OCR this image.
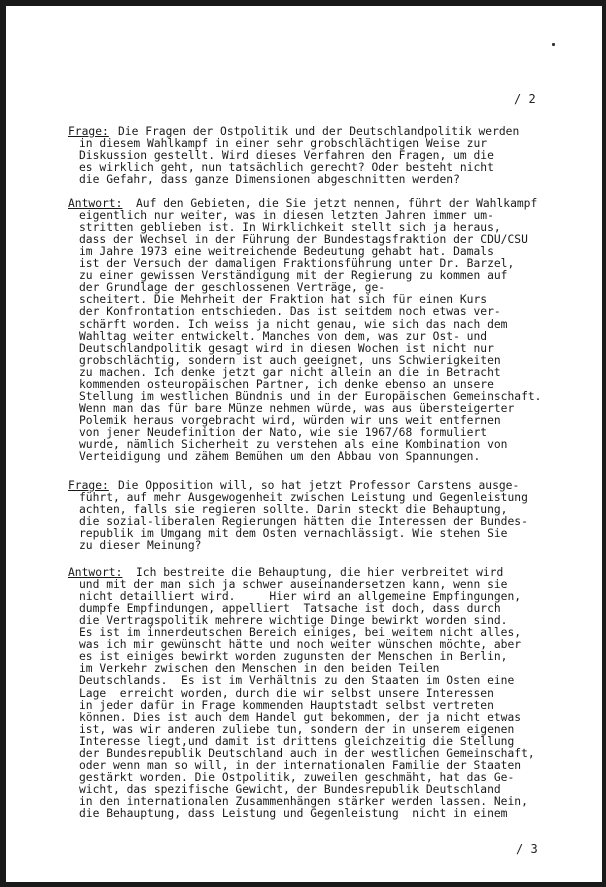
/ 2
/ 3
Frage: Die Fragen der Ostpolitik und der Deutschlandpolitik werden
in diesem Wahlkampf in einer sehr grobschlächtigen Weise zur
Diskussion gestellt. Wird dieses Verfahren den Fragen, um die
es wirklich geht, nun tatsächlich gerecht? Oder besteht nicht
die Gefahr, dass ganze Dimensionen abgeschnitten werden?
Antwort: Auf den Gebieten, die Sie jetzt nennen, führt der Wahlkampf
eigentlich nur weiter, was in diesen letzten Jahren immer um-
stritten geblieben ist. In Wirklichkeit stellt sich ja heraus,
dass der Wechsel in der Führung der Bundestagsfraktion der CDU/CSU
im Jahre 1973 eine weitreichende Bedeutung gehabt hat. Damals
ist der Versuch der damaligen Fraktionsführung unter Dr. Barzel,
zu einer gewissen Verständigung mit der Regierung zu kommen auf
der Grundlage der geschlossenen Verträge, ge-
scheitert. Die Mehrheit der Fraktion hat sich für einen Kurs
der Konfrontation entschieden. Das ist seitdem noch etwas ver-
schärft worden. Ich weiss ja nicht genau, wie sich das nach dem
Wahltag weiter entwickelt. Manches von dem, was zur Ost- und
Deutschlandpolitik gesagt wird in diesen Wochen ist nicht nur
grobschlächtig, sondern ist auch geeignet, uns Schwierigkeiten
zu machen. Ich denke jetzt gar nicht allein an die in Betracht
kommenden osteuropäischen Partner, ich denke ebenso an unsere
Stellung im westlichen Bündnis und in der Europäischen Gemeinschaft.
Wenn man das für bare Münze nehmen würde, was aus übersteigerter
Polemik heraus vorgebracht wird, würden wir uns weit entfernen
von jener Neudefinition der Nato, wie sie 1967/68 formuliert
wurde, nämlich Sicherheit zu verstehen als eine Kombination von
Verteidigung und zähem Bemühen um den Abbau von Spannungen.
Frage: Die Opposition will, so hat jetzt Professor Carstens ausge-
führt, auf mehr Ausgewogenheit zwischen Leistung und Gegenleistung
achten, falls sie regieren sollte. Darin steckt die Behauptung,
die sozial-liberalen Regierungen hätten die Interessen der Bundes-
republik im Umgang mit dem Osten vernachlässigt. Wie stehen Sie
zu dieser Meinung?
Antwort: Ich bestreite die Behauptung, die hier verbreitet wird
und mit der man sich ja schwer auseinandersetzen kann, wenn sie
nicht detailliert wird.     Hier wird an allgemeine Empfingungen,
dumpfe Empfindungen, appelliert  Tatsache ist doch, dass durch
die Vertragspolitik mehrere wichtige Dinge bewirkt worden sind.
Es ist im innerdeutschen Bereich einiges, bei weitem nicht alles,
was ich mir gewünscht hätte und noch weiter wünschen möchte, aber
es ist einiges bewirkt worden zugunsten der Menschen in Berlin,
im Verkehr zwischen den Menschen in den beiden Teilen
Deutschlands.  Es ist im Verhältnis zu den Staaten im Osten eine
Lage  erreicht worden, durch die wir selbst unsere Interessen
in jeder dafür in Frage kommenden Hauptstadt selbst vertreten
können. Dies ist auch dem Handel gut bekommen, der ja nicht etwas
ist, was wir anderen zuliebe tun, sondern der in unserem eigenen
Interesse liegt,und damit ist drittens gleichzeitig die Stellung
der Bundesrepublik Deutschland auch in der westlichen Gemeinschaft,
oder wenn man so will, in der internationalen Familie der Staaten
gestärkt worden. Die Ostpolitik, zuweilen geschmäht, hat das Ge-
wicht, das spezifische Gewicht, der Bundesrepublik Deutschland
in den internationalen Zusammenhängen stärker werden lassen. Nein,
die Behauptung, dass Leistung und Gegenleistung  nicht in einem
